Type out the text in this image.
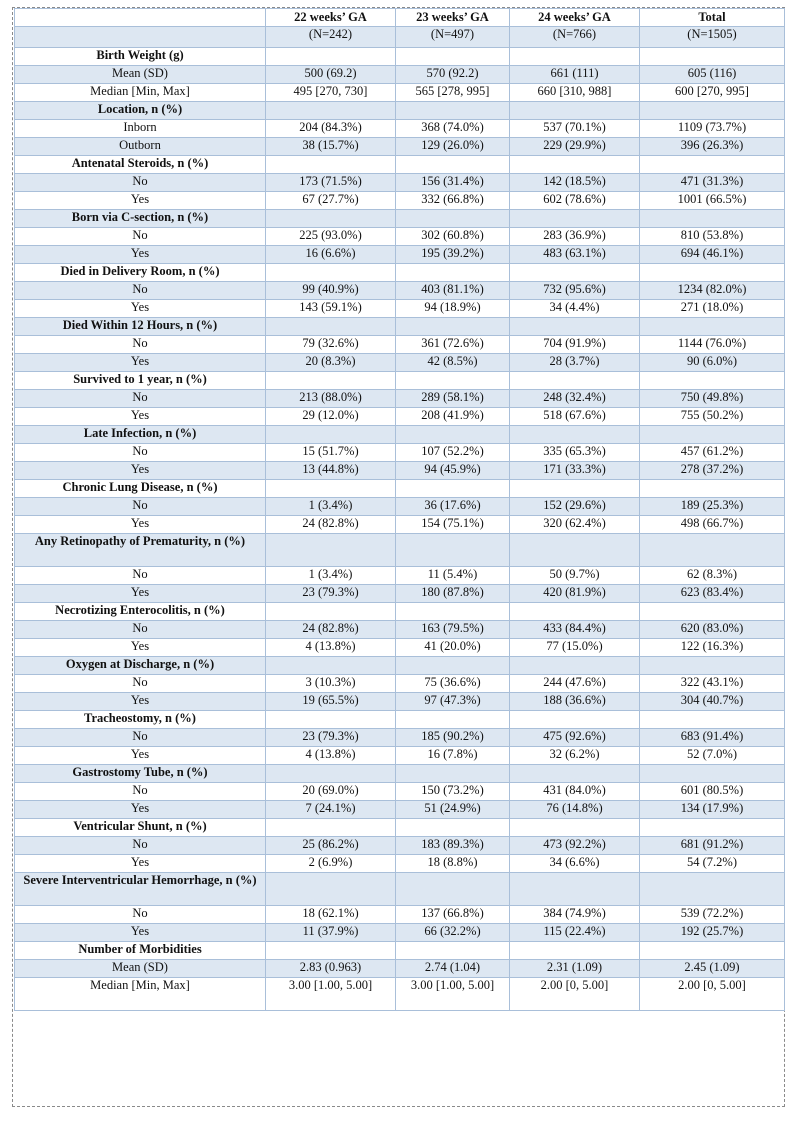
	22 weeks’ GA	23 weeks’ GA	24 weeks’ GA	Total
	(N=242)	(N=497)	(N=766)	(N=1505)
Birth Weight (g)				
Mean (SD)	500 (69.2)	570 (92.2)	661 (111)	605 (116)
Median [Min, Max]	495 [270, 730]	565 [278, 995]	660 [310, 988]	600 [270, 995]
Location, n (%)				
Inborn	204 (84.3%)	368 (74.0%)	537 (70.1%)	1109 (73.7%)
Outborn	38 (15.7%)	129 (26.0%)	229 (29.9%)	396 (26.3%)
Antenatal Steroids, n (%)				
No	173 (71.5%)	156 (31.4%)	142 (18.5%)	471 (31.3%)
Yes	67 (27.7%)	332 (66.8%)	602 (78.6%)	1001 (66.5%)
Born via C-section, n (%)				
No	225 (93.0%)	302 (60.8%)	283 (36.9%)	810 (53.8%)
Yes	16 (6.6%)	195 (39.2%)	483 (63.1%)	694 (46.1%)
Died in Delivery Room, n (%)				
No	99 (40.9%)	403 (81.1%)	732 (95.6%)	1234 (82.0%)
Yes	143 (59.1%)	94 (18.9%)	34 (4.4%)	271 (18.0%)
Died Within 12 Hours, n (%)				
No	79 (32.6%)	361 (72.6%)	704 (91.9%)	1144 (76.0%)
Yes	20 (8.3%)	42 (8.5%)	28 (3.7%)	90 (6.0%)
Survived to 1 year, n (%)				
No	213 (88.0%)	289 (58.1%)	248 (32.4%)	750 (49.8%)
Yes	29 (12.0%)	208 (41.9%)	518 (67.6%)	755 (50.2%)
Late Infection, n (%)				
No	15 (51.7%)	107 (52.2%)	335 (65.3%)	457 (61.2%)
Yes	13 (44.8%)	94 (45.9%)	171 (33.3%)	278 (37.2%)
Chronic Lung Disease, n (%)				
No	1 (3.4%)	36 (17.6%)	152 (29.6%)	189 (25.3%)
Yes	24 (82.8%)	154 (75.1%)	320 (62.4%)	498 (66.7%)
Any Retinopathy of Prematurity, n (%)				
No	1 (3.4%)	11 (5.4%)	50 (9.7%)	62 (8.3%)
Yes	23 (79.3%)	180 (87.8%)	420 (81.9%)	623 (83.4%)
Necrotizing Enterocolitis, n (%)				
No	24 (82.8%)	163 (79.5%)	433 (84.4%)	620 (83.0%)
Yes	4 (13.8%)	41 (20.0%)	77 (15.0%)	122 (16.3%)
Oxygen at Discharge, n (%)				
No	3 (10.3%)	75 (36.6%)	244 (47.6%)	322 (43.1%)
Yes	19 (65.5%)	97 (47.3%)	188 (36.6%)	304 (40.7%)
Tracheostomy, n (%)				
No	23 (79.3%)	185 (90.2%)	475 (92.6%)	683 (91.4%)
Yes	4 (13.8%)	16 (7.8%)	32 (6.2%)	52 (7.0%)
Gastrostomy Tube, n (%)				
No	20 (69.0%)	150 (73.2%)	431 (84.0%)	601 (80.5%)
Yes	7 (24.1%)	51 (24.9%)	76 (14.8%)	134 (17.9%)
Ventricular Shunt, n (%)				
No	25 (86.2%)	183 (89.3%)	473 (92.2%)	681 (91.2%)
Yes	2 (6.9%)	18 (8.8%)	34 (6.6%)	54 (7.2%)
Severe Interventricular Hemorrhage, n (%)				
No	18 (62.1%)	137 (66.8%)	384 (74.9%)	539 (72.2%)
Yes	11 (37.9%)	66 (32.2%)	115 (22.4%)	192 (25.7%)
Number of Morbidities				
Mean (SD)	2.83 (0.963)	2.74 (1.04)	2.31 (1.09)	2.45 (1.09)
Median [Min, Max]	3.00 [1.00, 5.00]	3.00 [1.00, 5.00]	2.00 [0, 5.00]	2.00 [0, 5.00]
